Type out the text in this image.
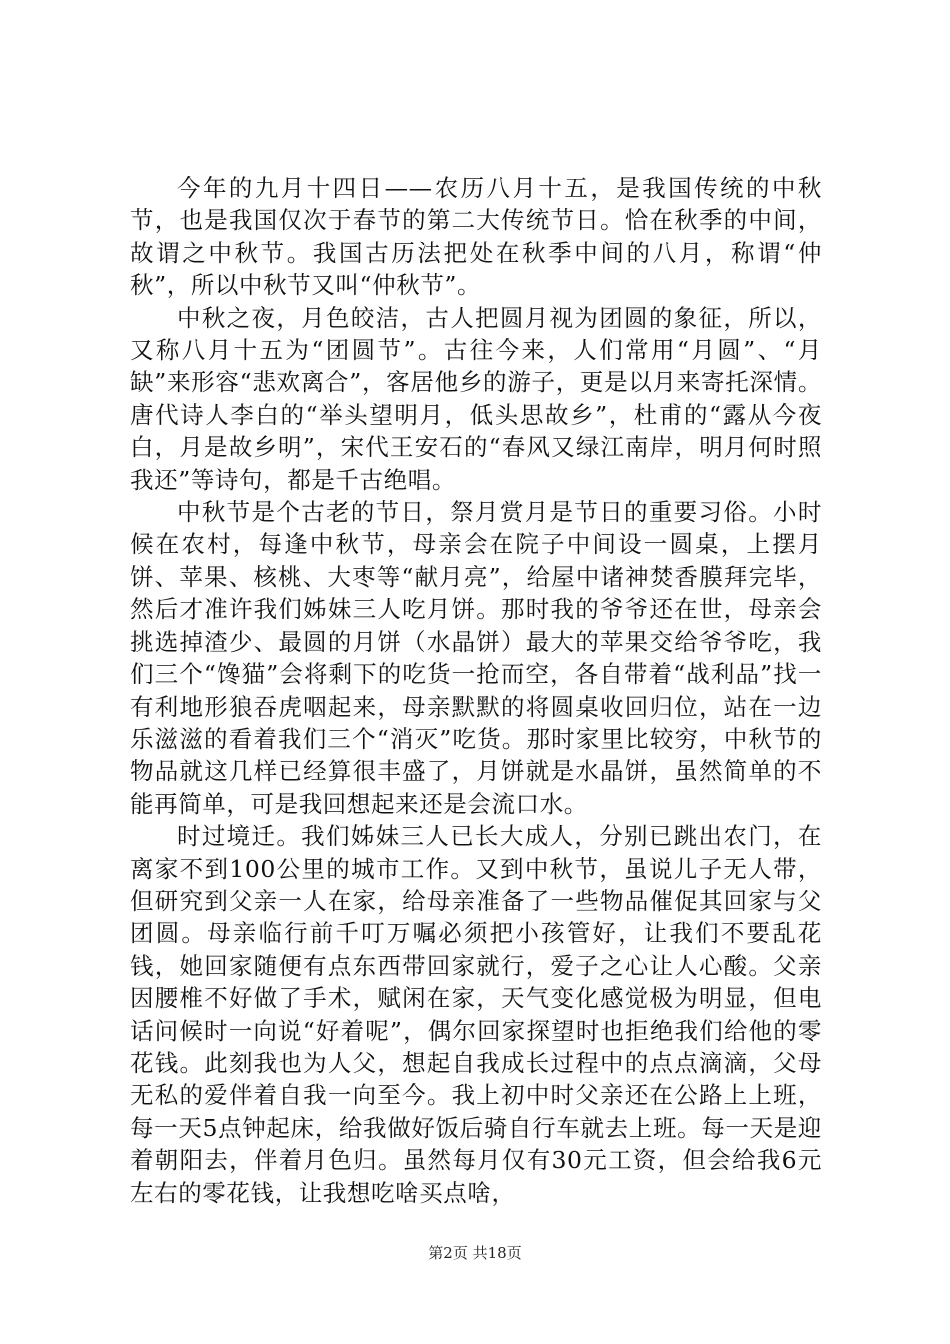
今年的九月十四日——农历八月十五，是我国传统的中秋节，也是我国仅次于春节的第二大传统节日。恰在秋季的中间，故谓之中秋节。我国古历法把处在秋季中间的八月，称谓“仲秋”，所以中秋节又叫“仲秋节”。

中秋之夜，月色皎洁，古人把圆月视为团圆的象征，所以，又称八月十五为“团圆节”。古往今来，人们常用“月圆”、“月缺”来形容“悲欢离合”，客居他乡的游子，更是以月来寄托深情。唐代诗人李白的“举头望明月，低头思故乡”，杜甫的“露从今夜白，月是故乡明”，宋代王安石的“春风又绿江南岸，明月何时照我还”等诗句，都是千古绝唱。

中秋节是个古老的节日，祭月赏月是节日的重要习俗。小时候在农村，每逢中秋节，母亲会在院子中间设一圆桌，上摆月饼、苹果、核桃、大枣等“献月亮”，给屋中诸神焚香膜拜完毕，然后才准许我们姊妹三人吃月饼。那时我的爷爷还在世，母亲会挑选掉渣少、最圆的月饼（水晶饼）最大的苹果交给爷爷吃，我们三个“馋猫”会将剩下的吃货一抢而空，各自带着“战利品”找一有利地形狼吞虎咽起来，母亲默默的将圆桌收回归位，站在一边乐滋滋的看着我们三个“消灭”吃货。那时家里比较穷，中秋节的物品就这几样已经算很丰盛了，月饼就是水晶饼，虽然简单的不能再简单，可是我回想起来还是会流口水。

时过境迁。我们姊妹三人已长大成人，分别已跳出农门，在离家不到100公里的城市工作。又到中秋节，虽说儿子无人带，但研究到父亲一人在家，给母亲准备了一些物品催促其回家与父团圆。母亲临行前千叮万嘱必须把小孩管好，让我们不要乱花钱，她回家随便有点东西带回家就行，爱子之心让人心酸。父亲因腰椎不好做了手术，赋闲在家，天气变化感觉极为明显，但电话问候时一向说“好着呢”，偶尔回家探望时也拒绝我们给他的零花钱。此刻我也为人父，想起自我成长过程中的点点滴滴，父母无私的爱伴着自我一向至今。我上初中时父亲还在公路上上班，每一天5点钟起床，给我做好饭后骑自行车就去上班。每一天是迎着朝阳去，伴着月色归。虽然每月仅有30元工资，但会给我6元左右的零花钱，让我想吃啥买点啥，

第2页 共18页
